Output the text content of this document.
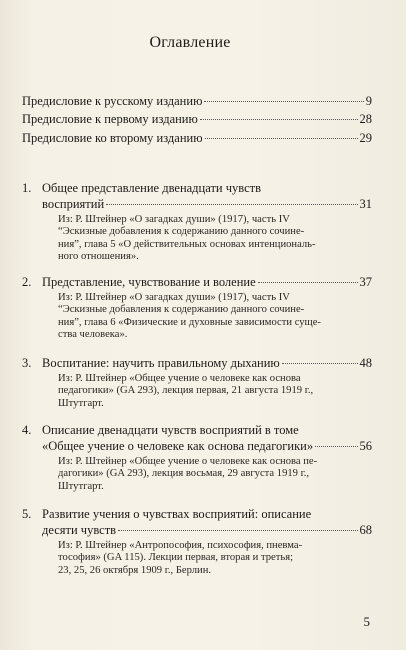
Оглавление
Предисловие к русскому изданию	9
Предисловие к первому изданию	28
Предисловие ко второму изданию	29
1. Общее представление двенадцати чувств
восприятий	31
Из: Р. Штейнер «О загадках души» (1917), часть IV
“Эскизные добавления к содержанию данного сочине-
ния”, глава 5 «О действительных основах интенциональ-
ного отношения».
2. Представление, чувствование и воление	37
Из: Р. Штейнер «О загадках души» (1917), часть IV
“Эскизные добавления к содержанию данного сочине-
ния”, глава 6 «Физические и духовные зависимости суще-
ства человека».
3. Воспитание: научить правильному дыханию	48
Из: Р. Штейнер «Общее учение о человеке как основа
педагогики» (GA 293), лекция первая, 21 августа 1919 г.,
Штутгарт.
4. Описание двенадцати чувств восприятий в томе
«Общее учение о человеке как основа педагогики»	56
Из: Р. Штейнер «Общее учение о человеке как основа пе-
дагогики» (GA 293), лекция восьмая, 29 августа 1919 г.,
Штутгарт.
5. Развитие учения о чувствах восприятий: описание
десяти чувств	68
Из: Р. Штейнер «Антропософия, психософия, пневма-
тософия» (GA 115). Лекции первая, вторая и третья;
23, 25, 26 октября 1909 г., Берлин.
5
